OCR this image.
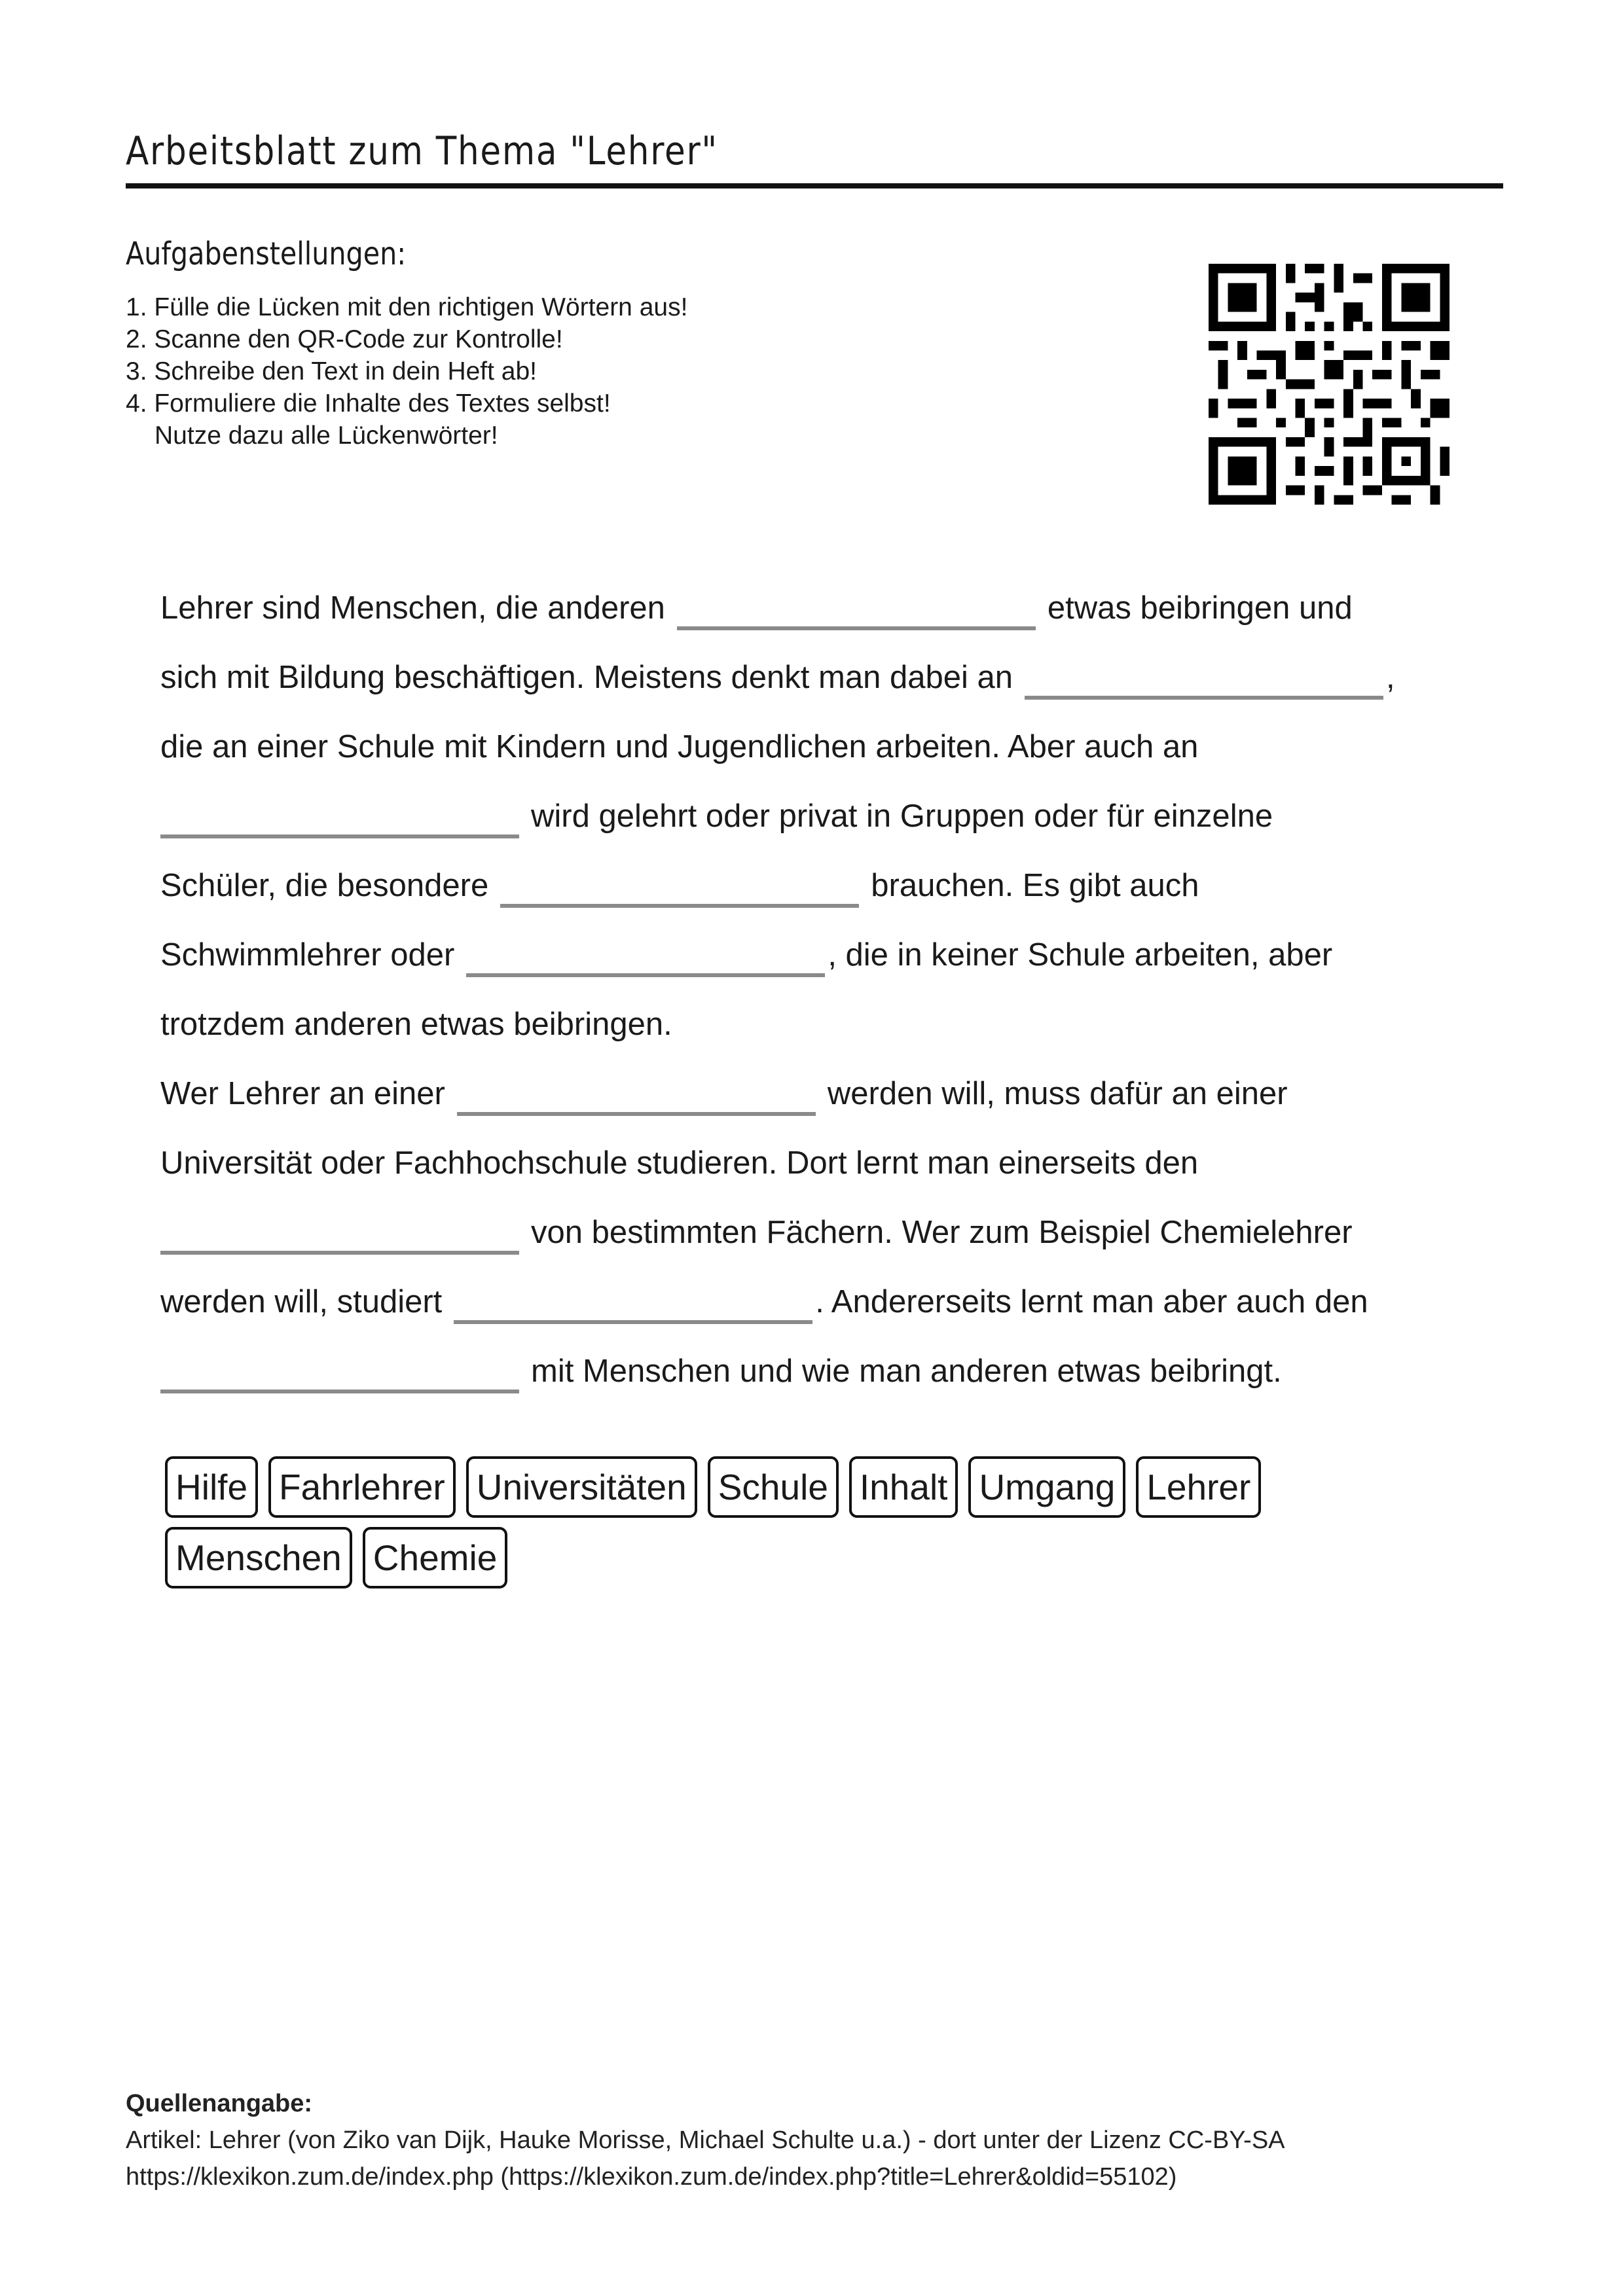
Arbeitsblatt zum Thema "Lehrer"
Aufgabenstellungen:
1. Fülle die Lücken mit den richtigen Wörtern aus!
2. Scanne den QR-Code zur Kontrolle!
3. Schreibe den Text in dein Heft ab!
4. Formuliere die Inhalte des Textes selbst!
Nutze dazu alle Lückenwörter!
Lehrer sind Menschen, die anderen	etwas beibringen und
sich mit Bildung beschäftigen. Meistens denkt man dabei an	,
die an einer Schule mit Kindern und Jugendlichen arbeiten. Aber auch an
wird gelehrt oder privat in Gruppen oder für einzelne
Schüler, die besondere	brauchen. Es gibt auch
Schwimmlehrer oder	, die in keiner Schule arbeiten, aber
trotzdem anderen etwas beibringen.
Wer Lehrer an einer	werden will, muss dafür an einer
Universität oder Fachhochschule studieren. Dort lernt man einerseits den
von bestimmten Fächern. Wer zum Beispiel Chemielehrer
werden will, studiert	. Andererseits lernt man aber auch den
mit Menschen und wie man anderen etwas beibringt.
Hilfe Fahrlehrer Universitäten Schule Inhalt Umgang Lehrer
Menschen Chemie
Quellenangabe:
Artikel: Lehrer (von Ziko van Dijk, Hauke Morisse, Michael Schulte u.a.) - dort unter der Lizenz CC-BY-SA
https://klexikon.zum.de/index.php (https://klexikon.zum.de/index.php?title=Lehrer&oldid=55102)
